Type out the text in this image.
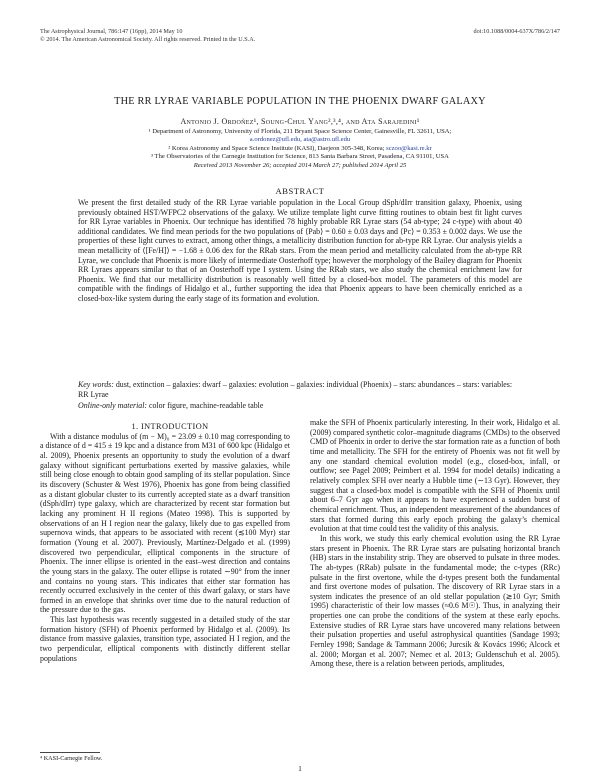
The Astrophysical Journal, 786:147 (16pp), 2014 May 10
© 2014. The American Astronomical Society. All rights reserved. Printed in the U.S.A.
doi:10.1088/0004-637X/786/2/147
THE RR LYRAE VARIABLE POPULATION IN THE PHOENIX DWARF GALAXY
Antonio J. Ordoñez¹, Soung-Chul Yang²,³,⁴, and Ata Sarajedini¹
¹ Department of Astronomy, University of Florida, 211 Bryant Space Science Center, Gainesville, FL 32611, USA;
a.ordonez@ufl.edu, ata@astro.ufl.edu
² Korea Astronomy and Space Science Institute (KASI), Daejeon 305-348, Korea; sczoo@kasi.re.kr
³ The Observatories of the Carnegie Institution for Science, 813 Santa Barbara Street, Pasadena, CA 91101, USA
Received 2013 November 26; accepted 2014 March 27; published 2014 April 25
ABSTRACT
We present the first detailed study of the RR Lyrae variable population in the Local Group dSph/dIrr transition galaxy, Phoenix, using previously obtained HST/WFPC2 observations of the galaxy. We utilize template light curve fitting routines to obtain best fit light curves for RR Lyrae variables in Phoenix. Our technique has identified 78 highly probable RR Lyrae stars (54 ab-type; 24 c-type) with about 40 additional candidates. We find mean periods for the two populations of ⟨Pab⟩ = 0.60 ± 0.03 days and ⟨Pc⟩ = 0.353 ± 0.002 days. We use the properties of these light curves to extract, among other things, a metallicity distribution function for ab-type RR Lyrae. Our analysis yields a mean metallicity of ⟨[Fe/H]⟩ = −1.68 ± 0.06 dex for the RRab stars. From the mean period and metallicity calculated from the ab-type RR Lyrae, we conclude that Phoenix is more likely of intermediate Oosterhoff type; however the morphology of the Bailey diagram for Phoenix RR Lyraes appears similar to that of an Oosterhoff type I system. Using the RRab stars, we also study the chemical enrichment law for Phoenix. We find that our metallicity distribution is reasonably well fitted by a closed-box model. The parameters of this model are compatible with the findings of Hidalgo et al., further supporting the idea that Phoenix appears to have been chemically enriched as a closed-box-like system during the early stage of its formation and evolution.
Key words: dust, extinction – galaxies: dwarf – galaxies: evolution – galaxies: individual (Phoenix) – stars: abundances – stars: variables: RR Lyrae
Online-only material: color figure, machine-readable table

1. INTRODUCTION

With a distance modulus of (m − M)₀ = 23.09 ± 0.10 mag corresponding to a distance of d = 415 ± 19 kpc and a distance from M31 of 600 kpc (Hidalgo et al. 2009), Phoenix presents an opportunity to study the evolution of a dwarf galaxy without significant perturbations exerted by massive galaxies, while still being close enough to obtain good sampling of its stellar population. Since its discovery (Schuster & West 1976), Phoenix has gone from being classified as a distant globular cluster to its currently accepted state as a dwarf transition (dSph/dIrr) type galaxy, which are characterized by recent star formation but lacking any prominent H II regions (Mateo 1998). This is supported by observations of an H I region near the galaxy, likely due to gas expelled from supernova winds, that appears to be associated with recent (≲100 Myr) star formation (Young et al. 2007). Previously, Martínez-Delgado et al. (1999) discovered two perpendicular, elliptical components in the structure of Phoenix. The inner ellipse is oriented in the east–west direction and contains the young stars in the galaxy. The outer ellipse is rotated ∼90° from the inner and contains no young stars. This indicates that either star formation has recently occurred exclusively in the center of this dwarf galaxy, or stars have formed in an envelope that shrinks over time due to the natural reduction of the pressure due to the gas.

This last hypothesis was recently suggested in a detailed study of the star formation history (SFH) of Phoenix performed by Hidalgo et al. (2009). Its distance from massive galaxies, transition type, associated H I region, and the two perpendicular, elliptical components with distinctly different stellar populations

make the SFH of Phoenix particularly interesting. In their work, Hidalgo et al. (2009) compared synthetic color–magnitude diagrams (CMDs) to the observed CMD of Phoenix in order to derive the star formation rate as a function of both time and metallicity. The SFH for the entirety of Phoenix was not fit well by any one standard chemical evolution model (e.g., closed-box, infall, or outflow; see Pagel 2009; Peimbert et al. 1994 for model details) indicating a relatively complex SFH over nearly a Hubble time (∼13 Gyr). However, they suggest that a closed-box model is compatible with the SFH of Phoenix until about 6–7 Gyr ago when it appears to have experienced a sudden burst of chemical enrichment. Thus, an independent measurement of the abundances of stars that formed during this early epoch probing the galaxy’s chemical evolution at that time could test the validity of this analysis.

In this work, we study this early chemical evolution using the RR Lyrae stars present in Phoenix. The RR Lyrae stars are pulsating horizontal branch (HB) stars in the instability strip. They are observed to pulsate in three modes. The ab-types (RRab) pulsate in the fundamental mode; the c-types (RRc) pulsate in the first overtone, while the d-types present both the fundamental and first overtone modes of pulsation. The discovery of RR Lyrae stars in a system indicates the presence of an old stellar population (≳10 Gyr; Smith 1995) characteristic of their low masses (≈0.6 M☉). Thus, in analyzing their properties one can probe the conditions of the system at these early epochs. Extensive studies of RR Lyrae stars have uncovered many relations between their pulsation properties and useful astrophysical quantities (Sandage 1993; Fernley 1998; Sandage & Tammann 2006; Jurcsik & Kovács 1996; Alcock et al. 2000; Morgan et al. 2007; Nemec et al. 2013; Guldenschuh et al. 2005). Among these, there is a relation between periods, amplitudes,

⁴ KASI-Carnegie Fellow.
1
